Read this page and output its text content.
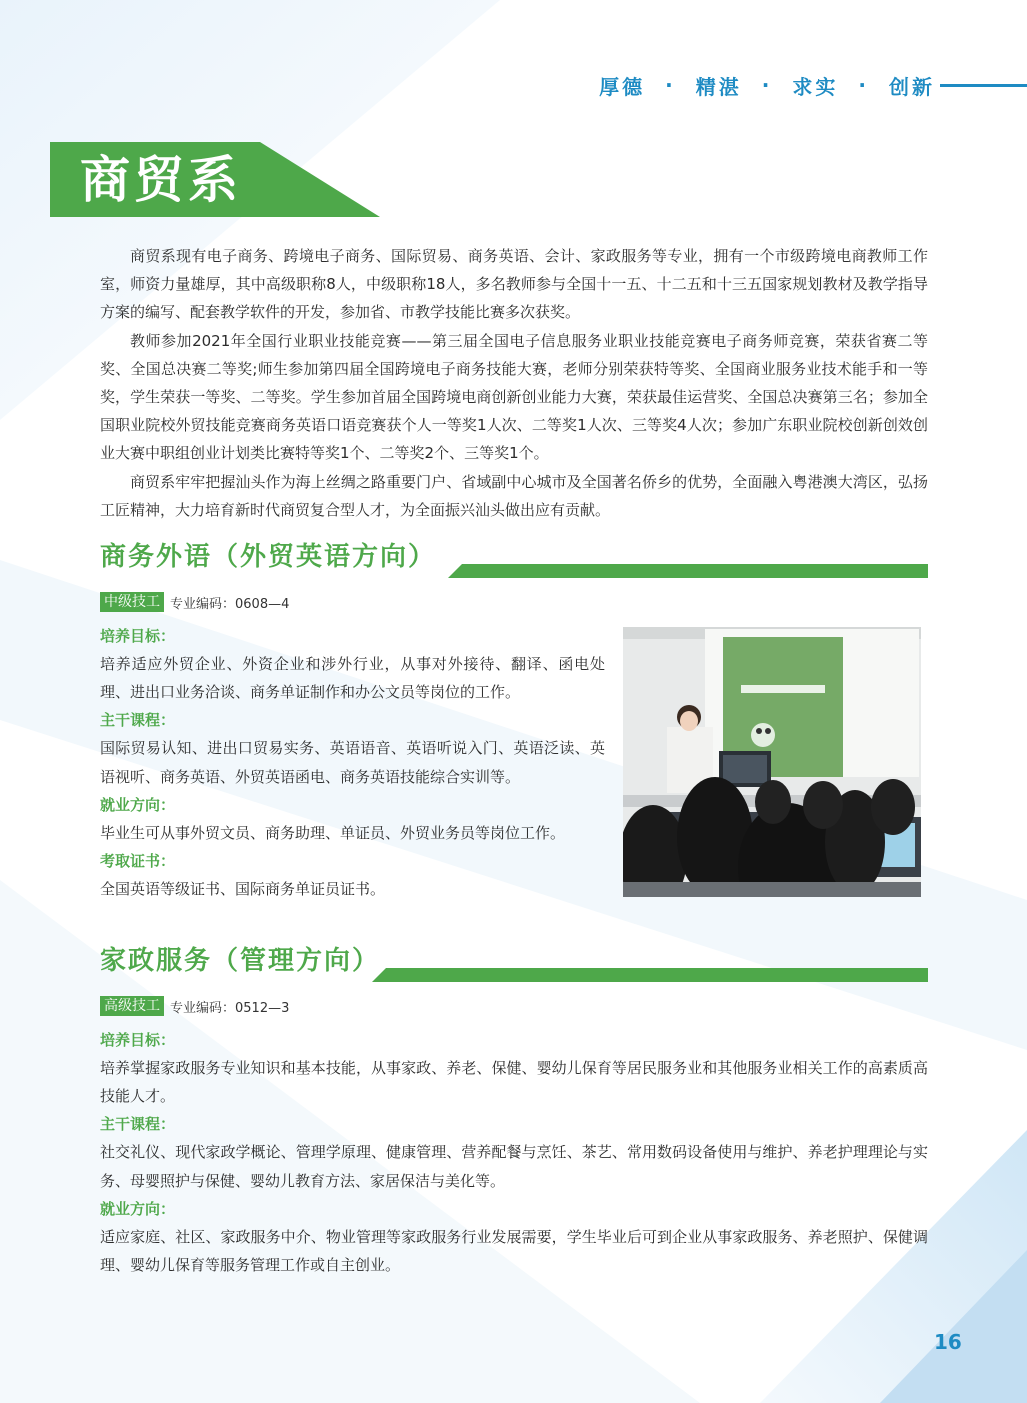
厚德 · 精湛 · 求实 · 创新
商贸系

商贸系现有电子商务、跨境电子商务、国际贸易、商务英语、会计、家政服务等专业，拥有一个市级跨境电商教师工作室，师资力量雄厚，其中高级职称8人，中级职称18人，多名教师参与全国十一五、十二五和十三五国家规划教材及教学指导方案的编写、配套教学软件的开发，参加省、市教学技能比赛多次获奖。

教师参加2021年全国行业职业技能竞赛——第三届全国电子信息服务业职业技能竞赛电子商务师竞赛，荣获省赛二等奖、全国总决赛二等奖;师生参加第四届全国跨境电子商务技能大赛，老师分别荣获特等奖、全国商业服务业技术能手和一等奖，学生荣获一等奖、二等奖。学生参加首届全国跨境电商创新创业能力大赛，荣获最佳运营奖、全国总决赛第三名；参加全国职业院校外贸技能竞赛商务英语口语竞赛获个人一等奖1人次、二等奖1人次、三等奖4人次；参加广东职业院校创新创效创业大赛中职组创业计划类比赛特等奖1个、二等奖2个、三等奖1个。

商贸系牢牢把握汕头作为海上丝绸之路重要门户、省域副中心城市及全国著名侨乡的优势，全面融入粤港澳大湾区，弘扬工匠精神，大力培育新时代商贸复合型人才，为全面振兴汕头做出应有贡献。

商务外语（外贸英语方向）
中级技工 专业编码：0608—4

培养目标：

培养适应外贸企业、外资企业和涉外行业，从事对外接待、翻译、函电处理、进出口业务洽谈、商务单证制作和办公文员等岗位的工作。

主干课程：

国际贸易认知、进出口贸易实务、英语语音、英语听说入门、英语泛读、英语视听、商务英语、外贸英语函电、商务英语技能综合实训等。

就业方向：

毕业生可从事外贸文员、商务助理、单证员、外贸业务员等岗位工作。

考取证书：

全国英语等级证书、国际商务单证员证书。

家政服务（管理方向）
高级技工 专业编码：0512—3

培养目标：

培养掌握家政服务专业知识和基本技能，从事家政、养老、保健、婴幼儿保育等居民服务业和其他服务业相关工作的高素质高技能人才。

主干课程：

社交礼仪、现代家政学概论、管理学原理、健康管理、营养配餐与烹饪、茶艺、常用数码设备使用与维护、养老护理理论与实务、母婴照护与保健、婴幼儿教育方法、家居保洁与美化等。

就业方向：

适应家庭、社区、家政服务中介、物业管理等家政服务行业发展需要，学生毕业后可到企业从事家政服务、养老照护、保健调理、婴幼儿保育等服务管理工作或自主创业。

16
